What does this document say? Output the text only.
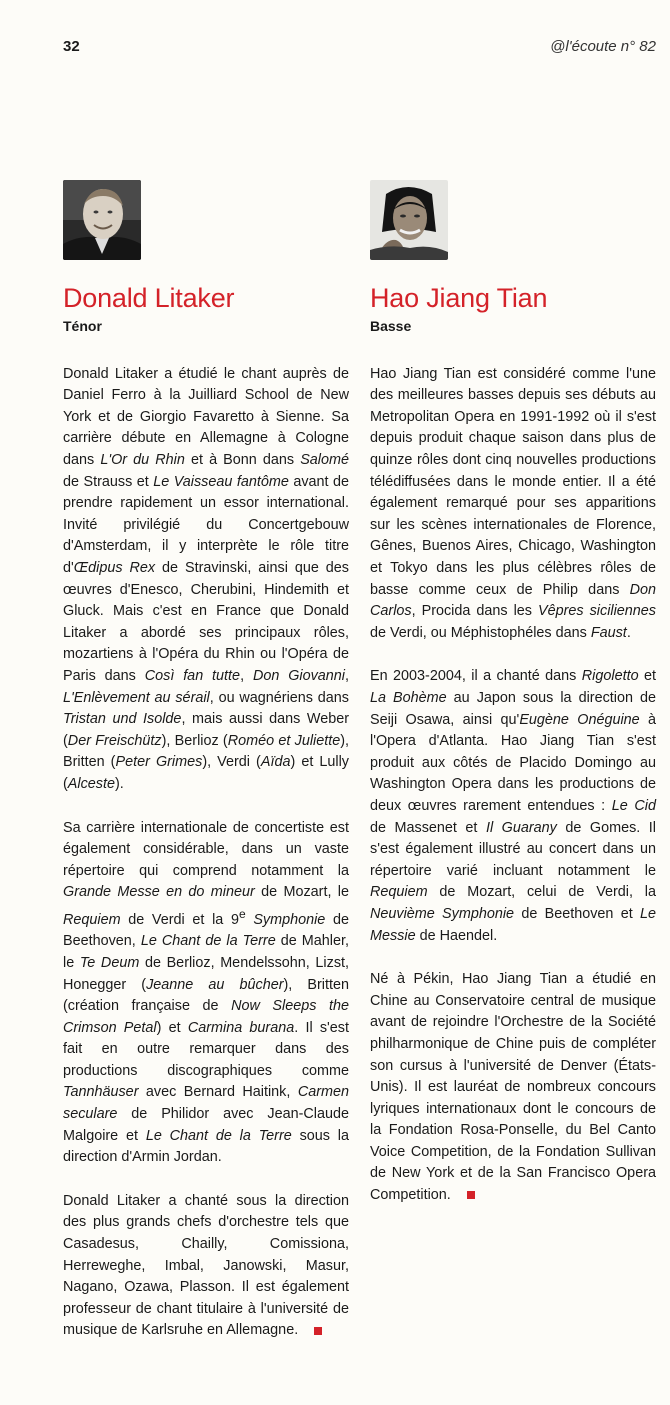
32	@l'écoute n° 82
Donald Litaker
Ténor

Donald Litaker a étudié le chant auprès de Daniel Ferro à la Juilliard School de New York et de Giorgio Favaretto à Sienne. Sa carrière débute en Allemagne à Cologne dans L'Or du Rhin et à Bonn dans Salomé de Strauss et Le Vaisseau fantôme avant de prendre rapidement un essor international. Invité privilégié du Concertgebouw d'Amsterdam, il y interprète le rôle titre d'Œdipus Rex de Stravinski, ainsi que des œuvres d'Enesco, Cherubini, Hindemith et Gluck. Mais c'est en France que Donald Litaker a abordé ses principaux rôles, mozartiens à l'Opéra du Rhin ou l'Opéra de Paris dans Così fan tutte, Don Giovanni, L'Enlèvement au sérail, ou wagnériens dans Tristan und Isolde, mais aussi dans Weber (Der Freischütz), Berlioz (Roméo et Juliette), Britten (Peter Grimes), Verdi (Aïda) et Lully (Alceste).

Sa carrière internationale de concertiste est également considérable, dans un vaste répertoire qui comprend notamment la Grande Messe en do mineur de Mozart, le Requiem de Verdi et la 9e Symphonie de Beethoven, Le Chant de la Terre de Mahler, le Te Deum de Berlioz, Mendelssohn, Lizst, Honegger (Jeanne au bûcher), Britten (création française de Now Sleeps the Crimson Petal) et Carmina burana. Il s'est fait en outre remarquer dans des productions discographiques comme Tannhäuser avec Bernard Haitink, Carmen seculare de Philidor avec Jean-Claude Malgoire et Le Chant de la Terre sous la direction d'Armin Jordan.

Donald Litaker a chanté sous la direction des plus grands chefs d'orchestre tels que Casadesus, Chailly, Comissiona, Herreweghe, Imbal, Janowski, Masur, Nagano, Ozawa, Plasson. Il est également professeur de chant titulaire à l'université de musique de Karlsruhe en Allemagne.

Hao Jiang Tian
Basse

Hao Jiang Tian est considéré comme l'une des meilleures basses depuis ses débuts au Metropolitan Opera en 1991-1992 où il s'est depuis produit chaque saison dans plus de quinze rôles dont cinq nouvelles productions télédiffusées dans le monde entier. Il a été également remarqué pour ses apparitions sur les scènes internationales de Florence, Gênes, Buenos Aires, Chicago, Washington et Tokyo dans les plus célèbres rôles de basse comme ceux de Philip dans Don Carlos, Procida dans les Vêpres siciliennes de Verdi, ou Méphistophéles dans Faust.

En 2003-2004, il a chanté dans Rigoletto et La Bohème au Japon sous la direction de Seiji Osawa, ainsi qu'Eugène Onéguine à l'Opera d'Atlanta. Hao Jiang Tian s'est produit aux côtés de Placido Domingo au Washington Opera dans les productions de deux œuvres rarement entendues : Le Cid de Massenet et Il Guarany de Gomes. Il s'est également illustré au concert dans un répertoire varié incluant notamment le Requiem de Mozart, celui de Verdi, la Neuvième Symphonie de Beethoven et Le Messie de Haendel.

Né à Pékin, Hao Jiang Tian a étudié en Chine au Conservatoire central de musique avant de rejoindre l'Orchestre de la Société philharmonique de Chine puis de compléter son cursus à l'université de Denver (États-Unis). Il est lauréat de nombreux concours lyriques internationaux dont le concours de la Fondation Rosa-Ponselle, du Bel Canto Voice Competition, de la Fondation Sullivan de New York et de la San Francisco Opera Competition.
